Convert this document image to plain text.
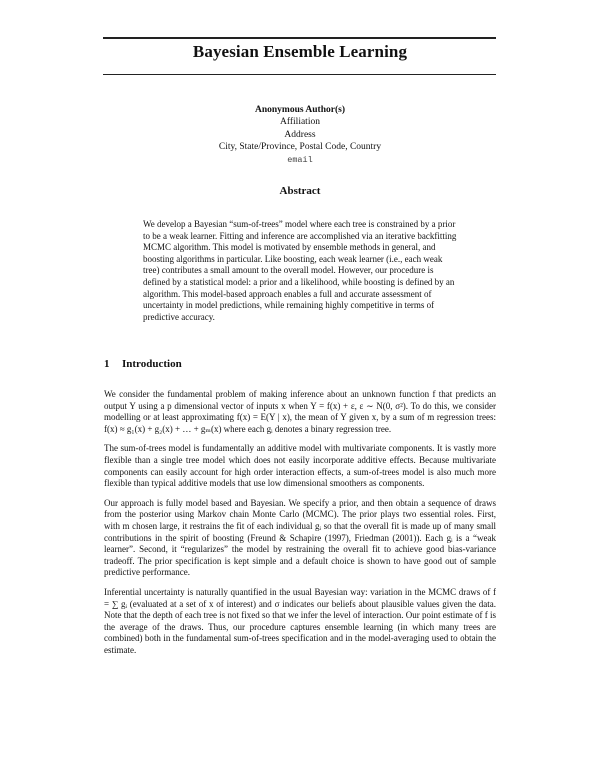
Bayesian Ensemble Learning
Anonymous Author(s)
Affiliation
Address
City, State/Province, Postal Code, Country
email
Abstract
We develop a Bayesian “sum-of-trees” model where each tree is constrained by a prior to be a weak learner. Fitting and inference are accomplished via an iterative backfitting MCMC algorithm. This model is motivated by ensemble methods in general, and boosting algorithms in particular. Like boosting, each weak learner (i.e., each weak tree) contributes a small amount to the overall model. However, our procedure is defined by a statistical model: a prior and a likelihood, while boosting is defined by an algorithm. This model-based approach enables a full and accurate assessment of uncertainty in model predictions, while remaining highly competitive in terms of predictive accuracy.
1 Introduction

We consider the fundamental problem of making inference about an unknown function f that predicts an output Y using a p dimensional vector of inputs x when Y = f(x) + ε, ε ∼ N(0, σ²). To do this, we consider modelling or at least approximating f(x) = E(Y | x), the mean of Y given x, by a sum of m regression trees: f(x) ≈ g₁(x) + g₂(x) + … + gₘ(x) where each gᵢ denotes a binary regression tree.

The sum-of-trees model is fundamentally an additive model with multivariate components. It is vastly more flexible than a single tree model which does not easily incorporate additive effects. Because multivariate components can easily account for high order interaction effects, a sum-of-trees model is also much more flexible than typical additive models that use low dimensional smoothers as components.

Our approach is fully model based and Bayesian. We specify a prior, and then obtain a sequence of draws from the posterior using Markov chain Monte Carlo (MCMC). The prior plays two essential roles. First, with m chosen large, it restrains the fit of each individual gᵢ so that the overall fit is made up of many small contributions in the spirit of boosting (Freund & Schapire (1997), Friedman (2001)). Each gᵢ is a “weak learner”. Second, it “regularizes” the model by restraining the overall fit to achieve good bias-variance tradeoff. The prior specification is kept simple and a default choice is shown to have good out of sample predictive performance.

Inferential uncertainty is naturally quantified in the usual Bayesian way: variation in the MCMC draws of f = ∑ gᵢ (evaluated at a set of x of interest) and σ indicates our beliefs about plausible values given the data. Note that the depth of each tree is not fixed so that we infer the level of interaction. Our point estimate of f is the average of the draws. Thus, our procedure captures ensemble learning (in which many trees are combined) both in the fundamental sum-of-trees specification and in the model-averaging used to obtain the estimate.
